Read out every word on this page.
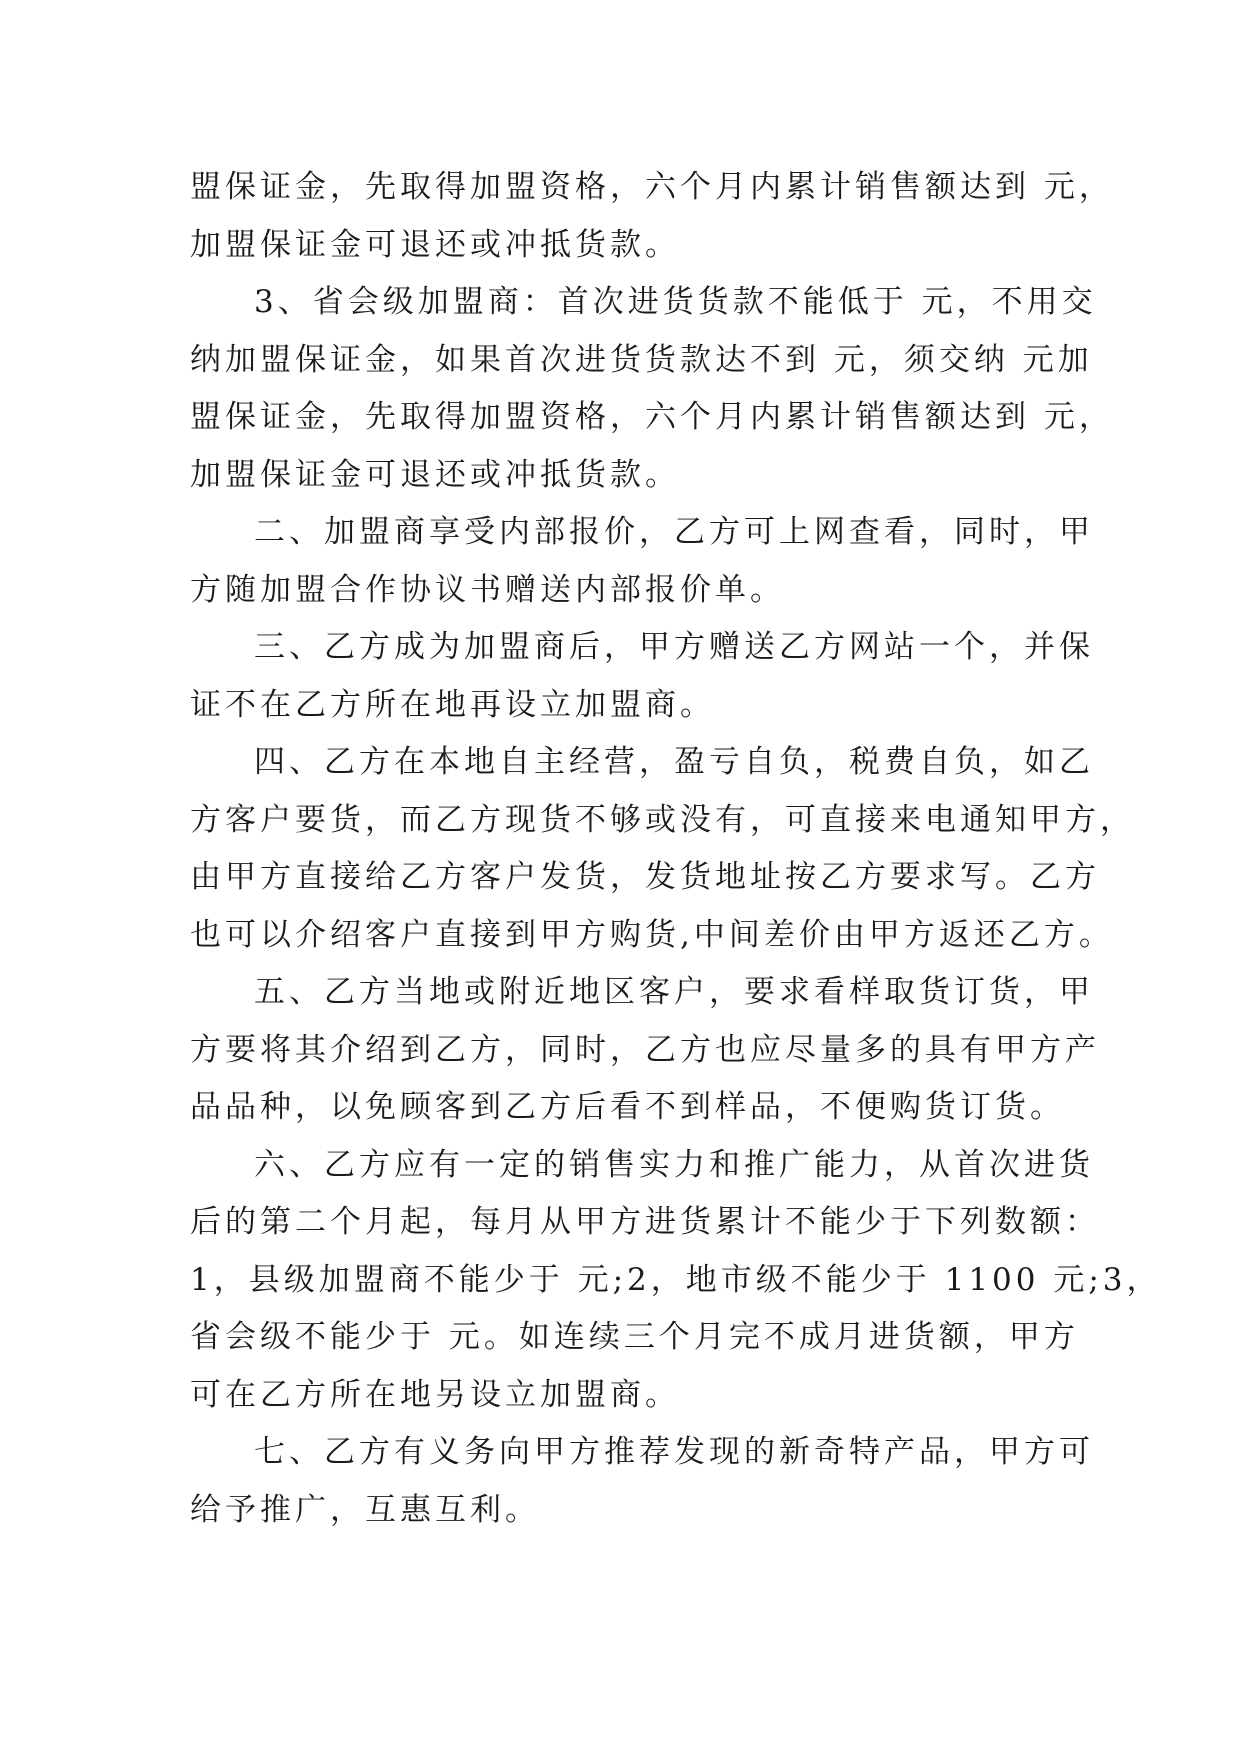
盟保证金，先取得加盟资格，六个月内累计销售额达到 元，
加盟保证金可退还或冲抵货款。
3、省会级加盟商：首次进货货款不能低于 元，不用交
纳加盟保证金，如果首次进货货款达不到 元，须交纳 元加
盟保证金，先取得加盟资格，六个月内累计销售额达到 元，
加盟保证金可退还或冲抵货款。
二、加盟商享受内部报价，乙方可上网查看，同时，甲
方随加盟合作协议书赠送内部报价单。
三、乙方成为加盟商后，甲方赠送乙方网站一个，并保
证不在乙方所在地再设立加盟商。
四、乙方在本地自主经营，盈亏自负，税费自负，如乙
方客户要货，而乙方现货不够或没有，可直接来电通知甲方，
由甲方直接给乙方客户发货，发货地址按乙方要求写。乙方
也可以介绍客户直接到甲方购货,中间差价由甲方返还乙方。
五、乙方当地或附近地区客户，要求看样取货订货，甲
方要将其介绍到乙方，同时，乙方也应尽量多的具有甲方产
品品种，以免顾客到乙方后看不到样品，不便购货订货。
六、乙方应有一定的销售实力和推广能力，从首次进货
后的第二个月起，每月从甲方进货累计不能少于下列数额：
1，县级加盟商不能少于 元;2，地市级不能少于 1100 元;3，
省会级不能少于 元。如连续三个月完不成月进货额，甲方
可在乙方所在地另设立加盟商。
七、乙方有义务向甲方推荐发现的新奇特产品，甲方可
给予推广，互惠互利。
